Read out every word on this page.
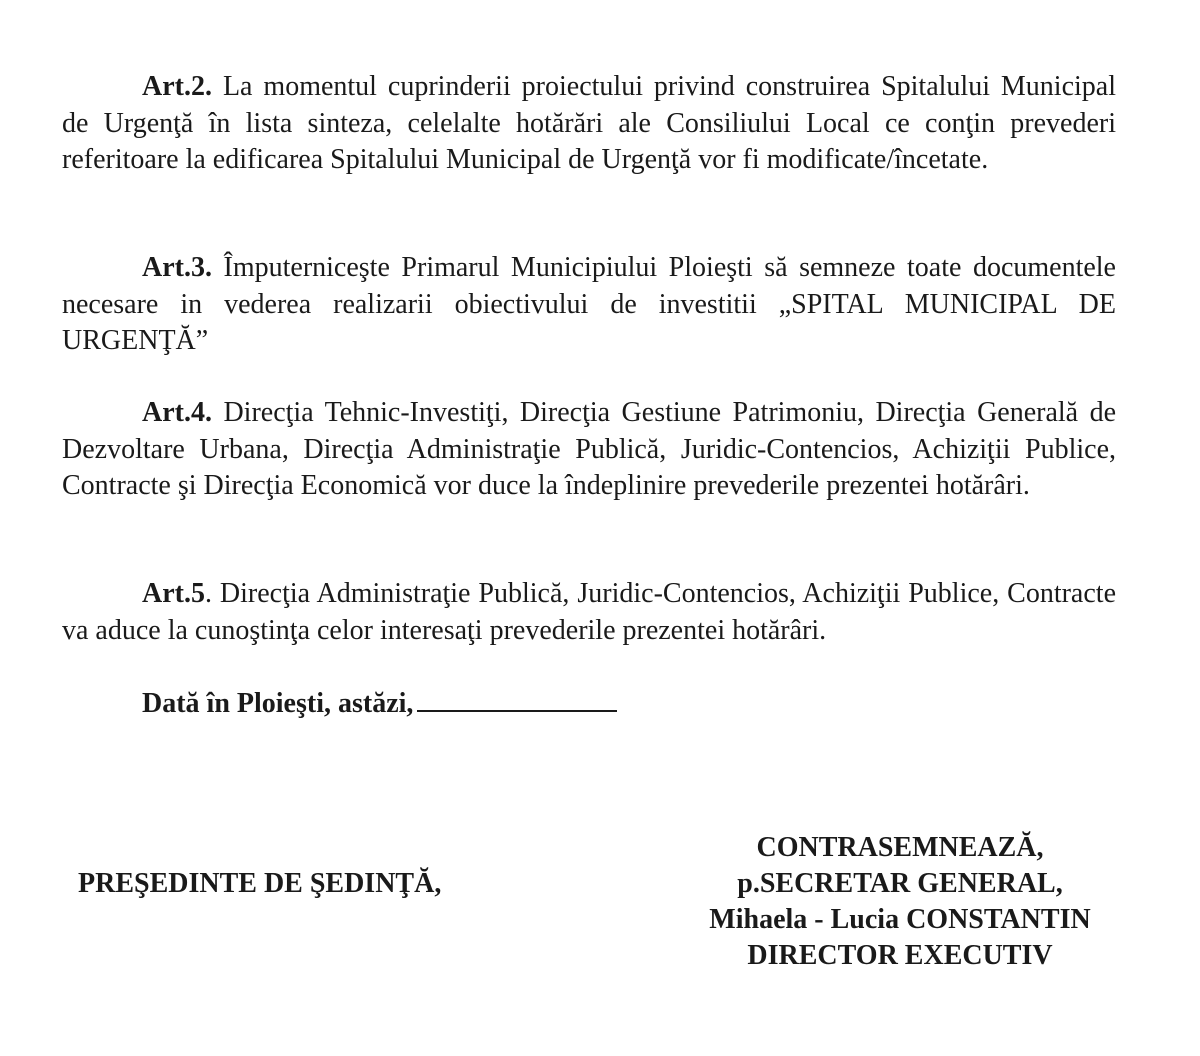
Art.2. La momentul cuprinderii proiectului privind construirea Spitalului Municipal de Urgenţă în lista sinteza, celelalte hotărări ale Consiliului Local ce conţin prevederi referitoare la edificarea Spitalului Municipal de Urgenţă vor fi modificate/încetate.

Art.3. Împuterniceşte Primarul Municipiului Ploieşti să semneze toate documentele necesare in vederea realizarii obiectivului de investitii „SPITAL MUNICIPAL DE URGENŢĂ”

Art.4. Direcţia Tehnic-Investiţi, Direcţia Gestiune Patrimoniu, Direcţia Generală de Dezvoltare Urbana, Direcţia Administraţie Publică, Juridic-Contencios, Achiziţii Publice, Contracte şi Direcţia Economică vor duce la îndeplinire prevederile prezentei hotărâri.

Art.5. Direcţia Administraţie Publică, Juridic-Contencios, Achiziţii Publice, Contracte va aduce la cunoştinţa celor interesaţi prevederile prezentei hotărâri.

Dată în Ploieşti, astăzi,
PREŞEDINTE DE ŞEDINŢĂ,
CONTRASEMNEAZĂ,
p.SECRETAR GENERAL,
Mihaela - Lucia CONSTANTIN
DIRECTOR EXECUTIV
